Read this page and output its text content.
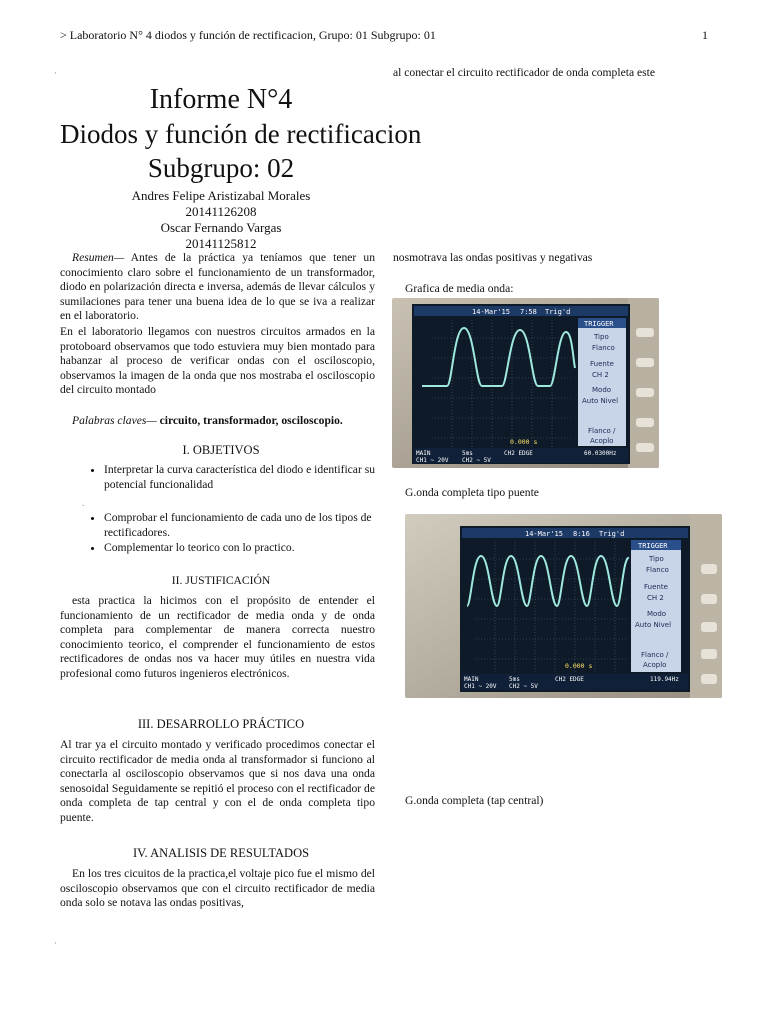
> Laboratorio N° 4 diodos y función de rectificacion, Grupo: 01 Subgrupo: 01	1
·
·
Informe N°4
Diodos y función de rectificacion
Subgrupo: 02
Andres Felipe Aristizabal Morales
20141126208
Oscar Fernando Vargas
20141125812
Resumen— Antes de la práctica ya teníamos que tener un conocimiento claro sobre el funcionamiento de un transformador, diodo en polarización directa e inversa, además de llevar cálculos y sumilaciones para tener una buena idea de lo que se iva a realizar en el laboratorio.
En el laboratorio llegamos con nuestros circuitos armados en la protoboard observamos que todo estuviera muy bien montado para habanzar al proceso de verificar ondas con el osciloscopio, observamos la imagen de la onda que nos mostraba el osciloscopio del circuito montado
Palabras claves— circuito, transformador, osciloscopio.
I. OBJETIVOS
• Interpretar la curva característica del diodo e identificar su potencial funcionalidad
.
• Comprobar el funcionamiento de cada uno de los tipos de rectificadores.
• Complementar lo teorico con lo practico.
II. JUSTIFICACIÓN
esta practica la hicimos con el propósito de entender el funcionamiento de un rectificador de media onda y de onda completa para complementar de manera correcta nuestro conocimiento teorico, el comprender el funcionamiento de estos rectificadores de ondas nos va hacer muy útiles en nuestra vida profesional como futuros ingenieros electrónicos.
III. DESARROLLO PRÁCTICO
Al trar ya el circuito montado y verificado procedimos conectar el circuito rectificador de media onda al transformador si funciono al conectarla al osciloscopio observamos que si nos dava una onda senosoidal Seguidamente se repitió el proceso con el rectificador de onda completa de tap central y con el de onda completa tipo puente.
IV. ANALISIS DE RESULTADOS
En los tres cicuitos de la practica,el voltaje pico fue el mismo del osciloscopio observamos que con el circuito rectificador de media onda solo se notava las ondas positivas,
al conectar el circuito rectificador de onda completa este
nosmotrava las ondas positivas y negativas
Grafica de media onda:
G.onda completa tipo puente
G.onda completa (tap central)
14-Mar'15 7:58 Trig'd
0.000 s
TRIGGER
Tipo
Flanco
Fuente
CH 2
Modo
Auto Nivel
Flanco /
Acoplo
MAIN	5ms	CH2 EDGE	60.0300Hz
CH1 ~ 20V CH2 ~ 5V
14-Mar'15 8:16 Trig'd
0.000 s
TRIGGER
Tipo
Flanco
Fuente
CH 2
Modo
Auto Nivel
Flanco /
Acoplo
MAIN	5ms	CH2 EDGE	119.94Hz
CH1 ~ 20V CH2 ~ 5V
